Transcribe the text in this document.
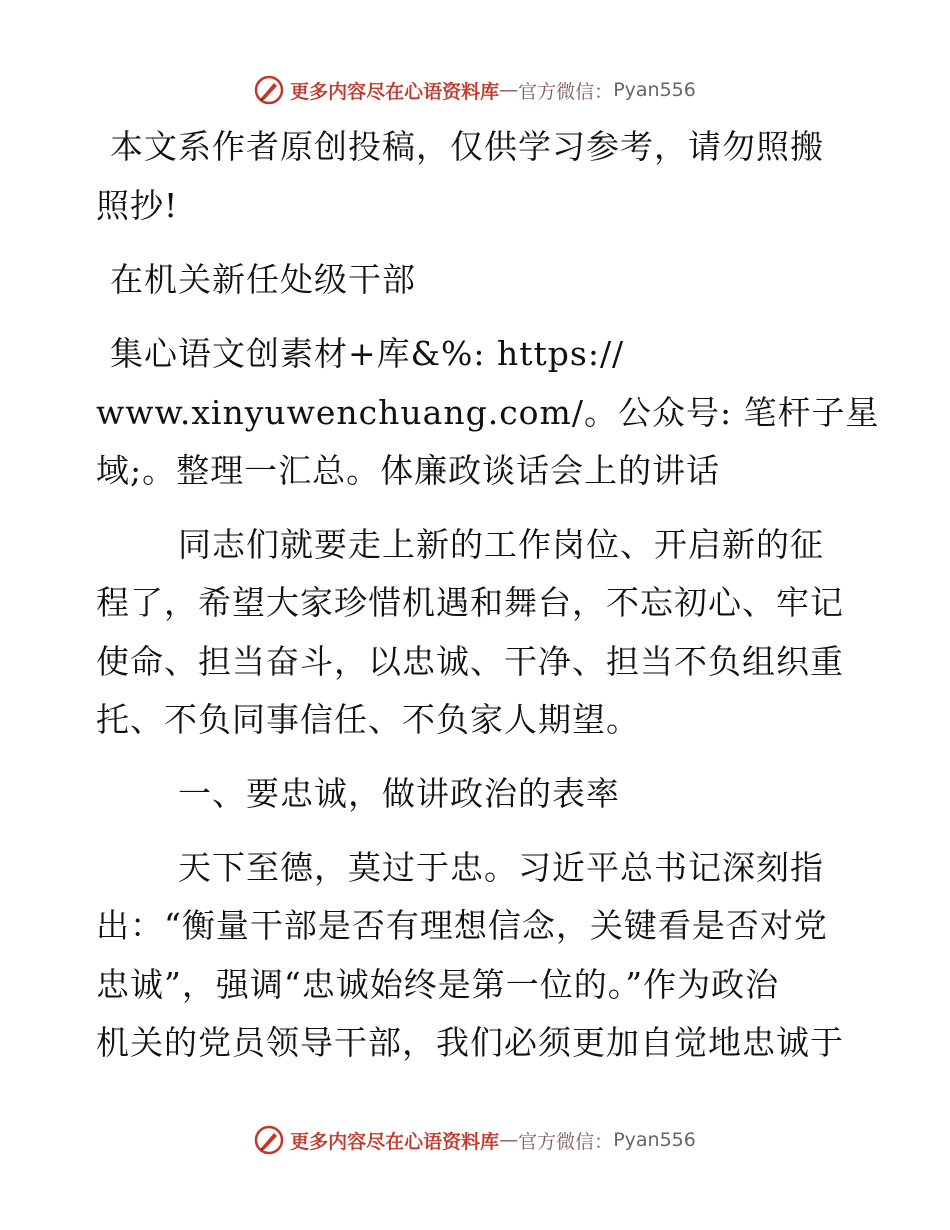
更多内容尽在心语资料库 — 官方微信： Pyan556
本文系作者原创投稿，仅供学习参考，请勿照搬
照抄!
在机关新任处级干部
集心语文创素材+库&%: https://
www.xinyuwenchuang.com/。公众号: 笔杆子星
域;。整理一汇总。体廉政谈话会上的讲话
同志们就要走上新的工作岗位、开启新的征
程了，希望大家珍惜机遇和舞台，不忘初心、牢记
使命、担当奋斗，以忠诚、干净、担当不负组织重
托、不负同事信任、不负家人期望。
一、要忠诚，做讲政治的表率
天下至德，莫过于忠。习近平总书记深刻指
出：“衡量干部是否有理想信念，关键看是否对党
忠诚”，强调“忠诚始终是第一位的。”作为政治
机关的党员领导干部，我们必须更加自觉地忠诚于
更多内容尽在心语资料库 — 官方微信： Pyan556
